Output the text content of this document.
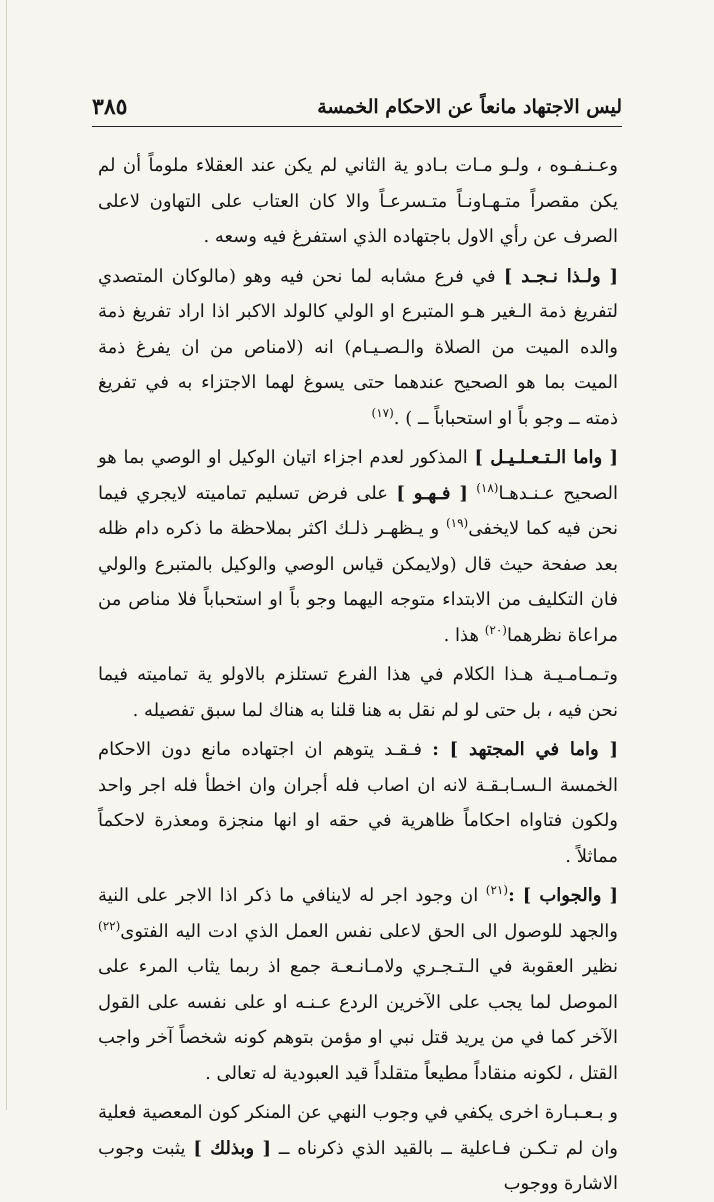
ليس الاجتهاد مانعاً عن الاحكام الخمسة
٣٨٥

وعـنـفـوه ، ولـو مـات بـادو ية الثاني لم يكن عند العقلاء ملوماً أن لم يكن مقصراً متـهـاونـاً متـسرعـاً والا كان العتاب على التهاون لاعلى الصرف عن رأي الاول باجتهاده الذي استفرغ فيه وسعه .

[ ولـذا نـجـد ] في فرع مشابه لما نحن فيه وهو (مالوكان المتصدي لتفريغ ذمة الـغير هـو المتبرع او الولي كالولد الاكبر اذا اراد تفريغ ذمة والده الميت من الصلاة والـصـيـام) انه (لامناص من ان يفرغ ذمة الميت بما هو الصحيح عندهما حتى يسوغ لهما الاجتزاء به في تفريغ ذمته ــ وجو باً او استحباباً ــ ) .$^{(١٧)}$

[ واما الـتـعـلـيـل ] المذكور لعدم اجزاء اتيان الوكيل او الوصي بما هو الصحيح عـنـدهـا$^{(١٨)}$ [ فـهـو ] على فرض تسليم تماميته لايجري فيما نحن فيه كما لايخفى$^{(١٩)}$ و يـظهـر ذلـك اكثر بملاحظة ما ذكره دام ظله بعد صفحة حيث قال (ولايمكن قياس الوصي والوكيل بالمتبرع والولي فان التكليف من الابتداء متوجه اليهما وجو باً او استحباباً فلا مناص من مراعاة نظرهما$^{(٢٠)}$ هذا .

وتـمـامـيـة هـذا الكلام في هذا الفرع تستلزم بالاولو ية تماميته فيما نحن فيه ، بل حتى لو لم نقل به هنا قلنا به هناك لما سبق تفصيله .

[ واما في المجتهد ] : فـقـد يتوهم ان اجتهاده مانع دون الاحكام الخمسة الـسـابـقـة لانه ان اصاب فله أجران وان اخطأ فله اجر واحد ولكون فتاواه احكاماً ظاهرية في حقه او انها منجزة ومعذرة لاحكماً مماثلاً .

[ والجواب ] :$^{(٢١)}$ ان وجود اجر له لاينافي ما ذكر اذا الاجر على النية والجهد للوصول الى الحق لاعلى نفس العمل الذي ادت اليه الفتوى$^{(٢٢)}$ نظير العقوبة في الـتـجـري ولامـانـعـة جمع اذ ربما يثاب المرء على الموصل لما يجب على الآخرين الردع عـنـه او على نفسه على القول الآخر كما في من يريد قتل نبي او مؤمن بتوهم كونه شخصاً آخر واجب القتل ، لكونه منقاداً مطيعاً متقلداً قيد العبودية له تعالى .

و بـعـبـارة اخرى يكفي في وجوب النهي عن المنكر كون المعصية فعلية وان لم تـكـن فـاعلية ــ بالقيد الذي ذكرناه ــ [ وبذلك ] يثبت وجوب الاشارة ووجوب
